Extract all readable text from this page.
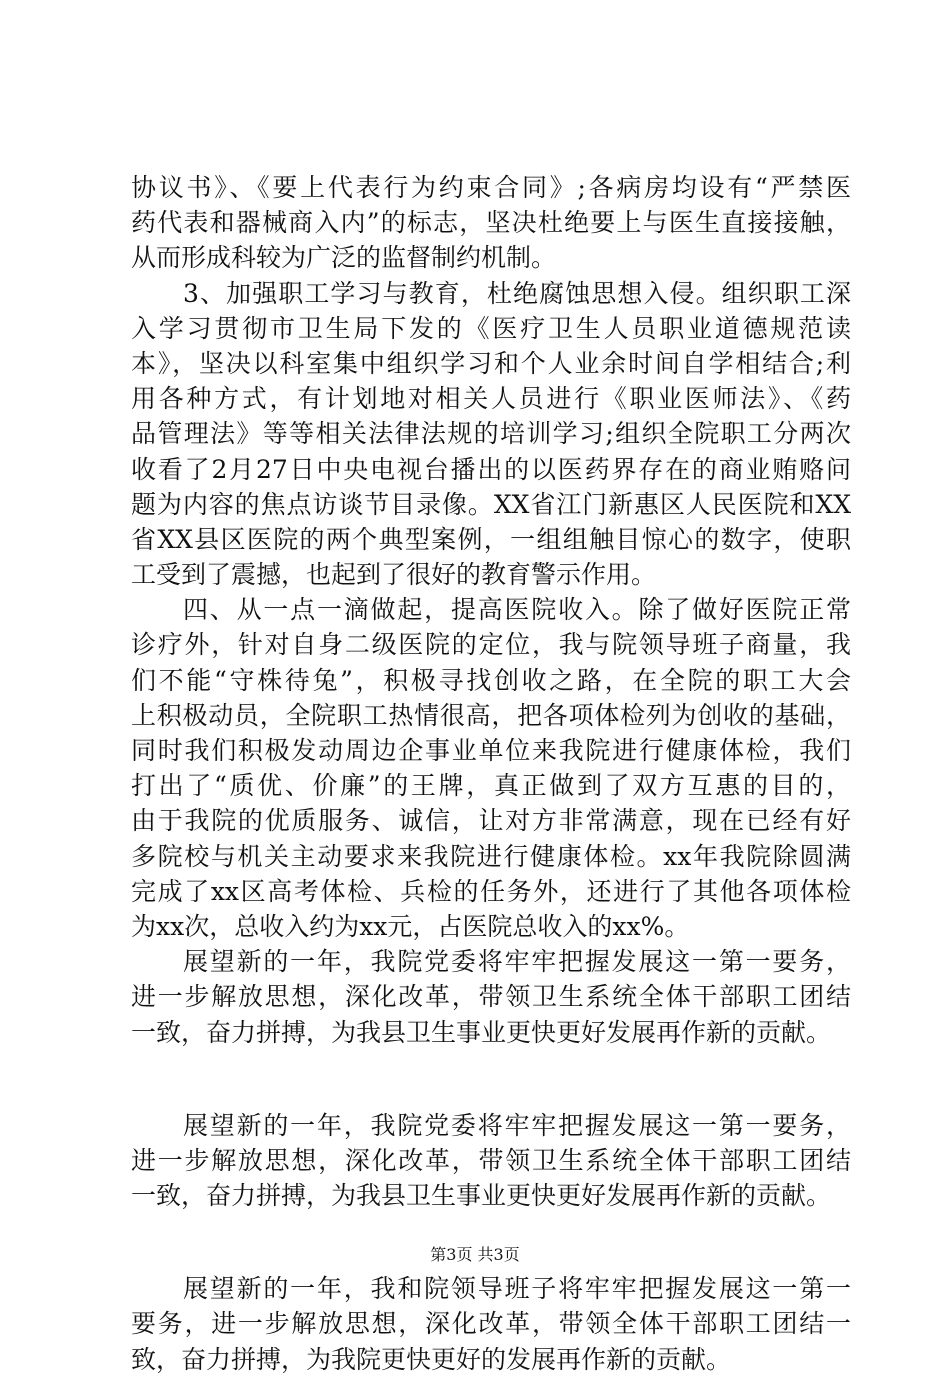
协议书》、《要上代表行为约束合同》;各病房均设有“严禁医
药代表和器械商入内”的标志，坚决杜绝要上与医生直接接触，
从而形成科较为广泛的监督制约机制。
3、加强职工学习与教育，杜绝腐蚀思想入侵。组织职工深
入学习贯彻市卫生局下发的《医疗卫生人员职业道德规范读
本》，坚决以科室集中组织学习和个人业余时间自学相结合;利
用各种方式，有计划地对相关人员进行《职业医师法》、《药
品管理法》等等相关法律法规的培训学习;组织全院职工分两次
收看了2月27日中央电视台播出的以医药界存在的商业贿赂问
题为内容的焦点访谈节目录像。XX省江门新惠区人民医院和XX
省XX县区医院的两个典型案例，一组组触目惊心的数字，使职
工受到了震撼，也起到了很好的教育警示作用。
四、从一点一滴做起，提高医院收入。除了做好医院正常
诊疗外，针对自身二级医院的定位，我与院领导班子商量，我
们不能“守株待兔”，积极寻找创收之路，在全院的职工大会
上积极动员，全院职工热情很高，把各项体检列为创收的基础，
同时我们积极发动周边企事业单位来我院进行健康体检，我们
打出了“质优、价廉”的王牌，真正做到了双方互惠的目的，
由于我院的优质服务、诚信，让对方非常满意，现在已经有好
多院校与机关主动要求来我院进行健康体检。xx年我院除圆满
完成了xx区高考体检、兵检的任务外，还进行了其他各项体检
为xx次，总收入约为xx元，占医院总收入的xx%。
展望新的一年，我院党委将牢牢把握发展这一第一要务，
进一步解放思想，深化改革，带领卫生系统全体干部职工团结
一致，奋力拼搏，为我县卫生事业更快更好发展再作新的贡献。
展望新的一年，我院党委将牢牢把握发展这一第一要务，
进一步解放思想，深化改革，带领卫生系统全体干部职工团结
一致，奋力拼搏，为我县卫生事业更快更好发展再作新的贡献。
展望新的一年，我和院领导班子将牢牢把握发展这一第一
要务，进一步解放思想，深化改革，带领全体干部职工团结一
致，奋力拼搏，为我院更快更好的发展再作新的贡献。
第3页 共3页
